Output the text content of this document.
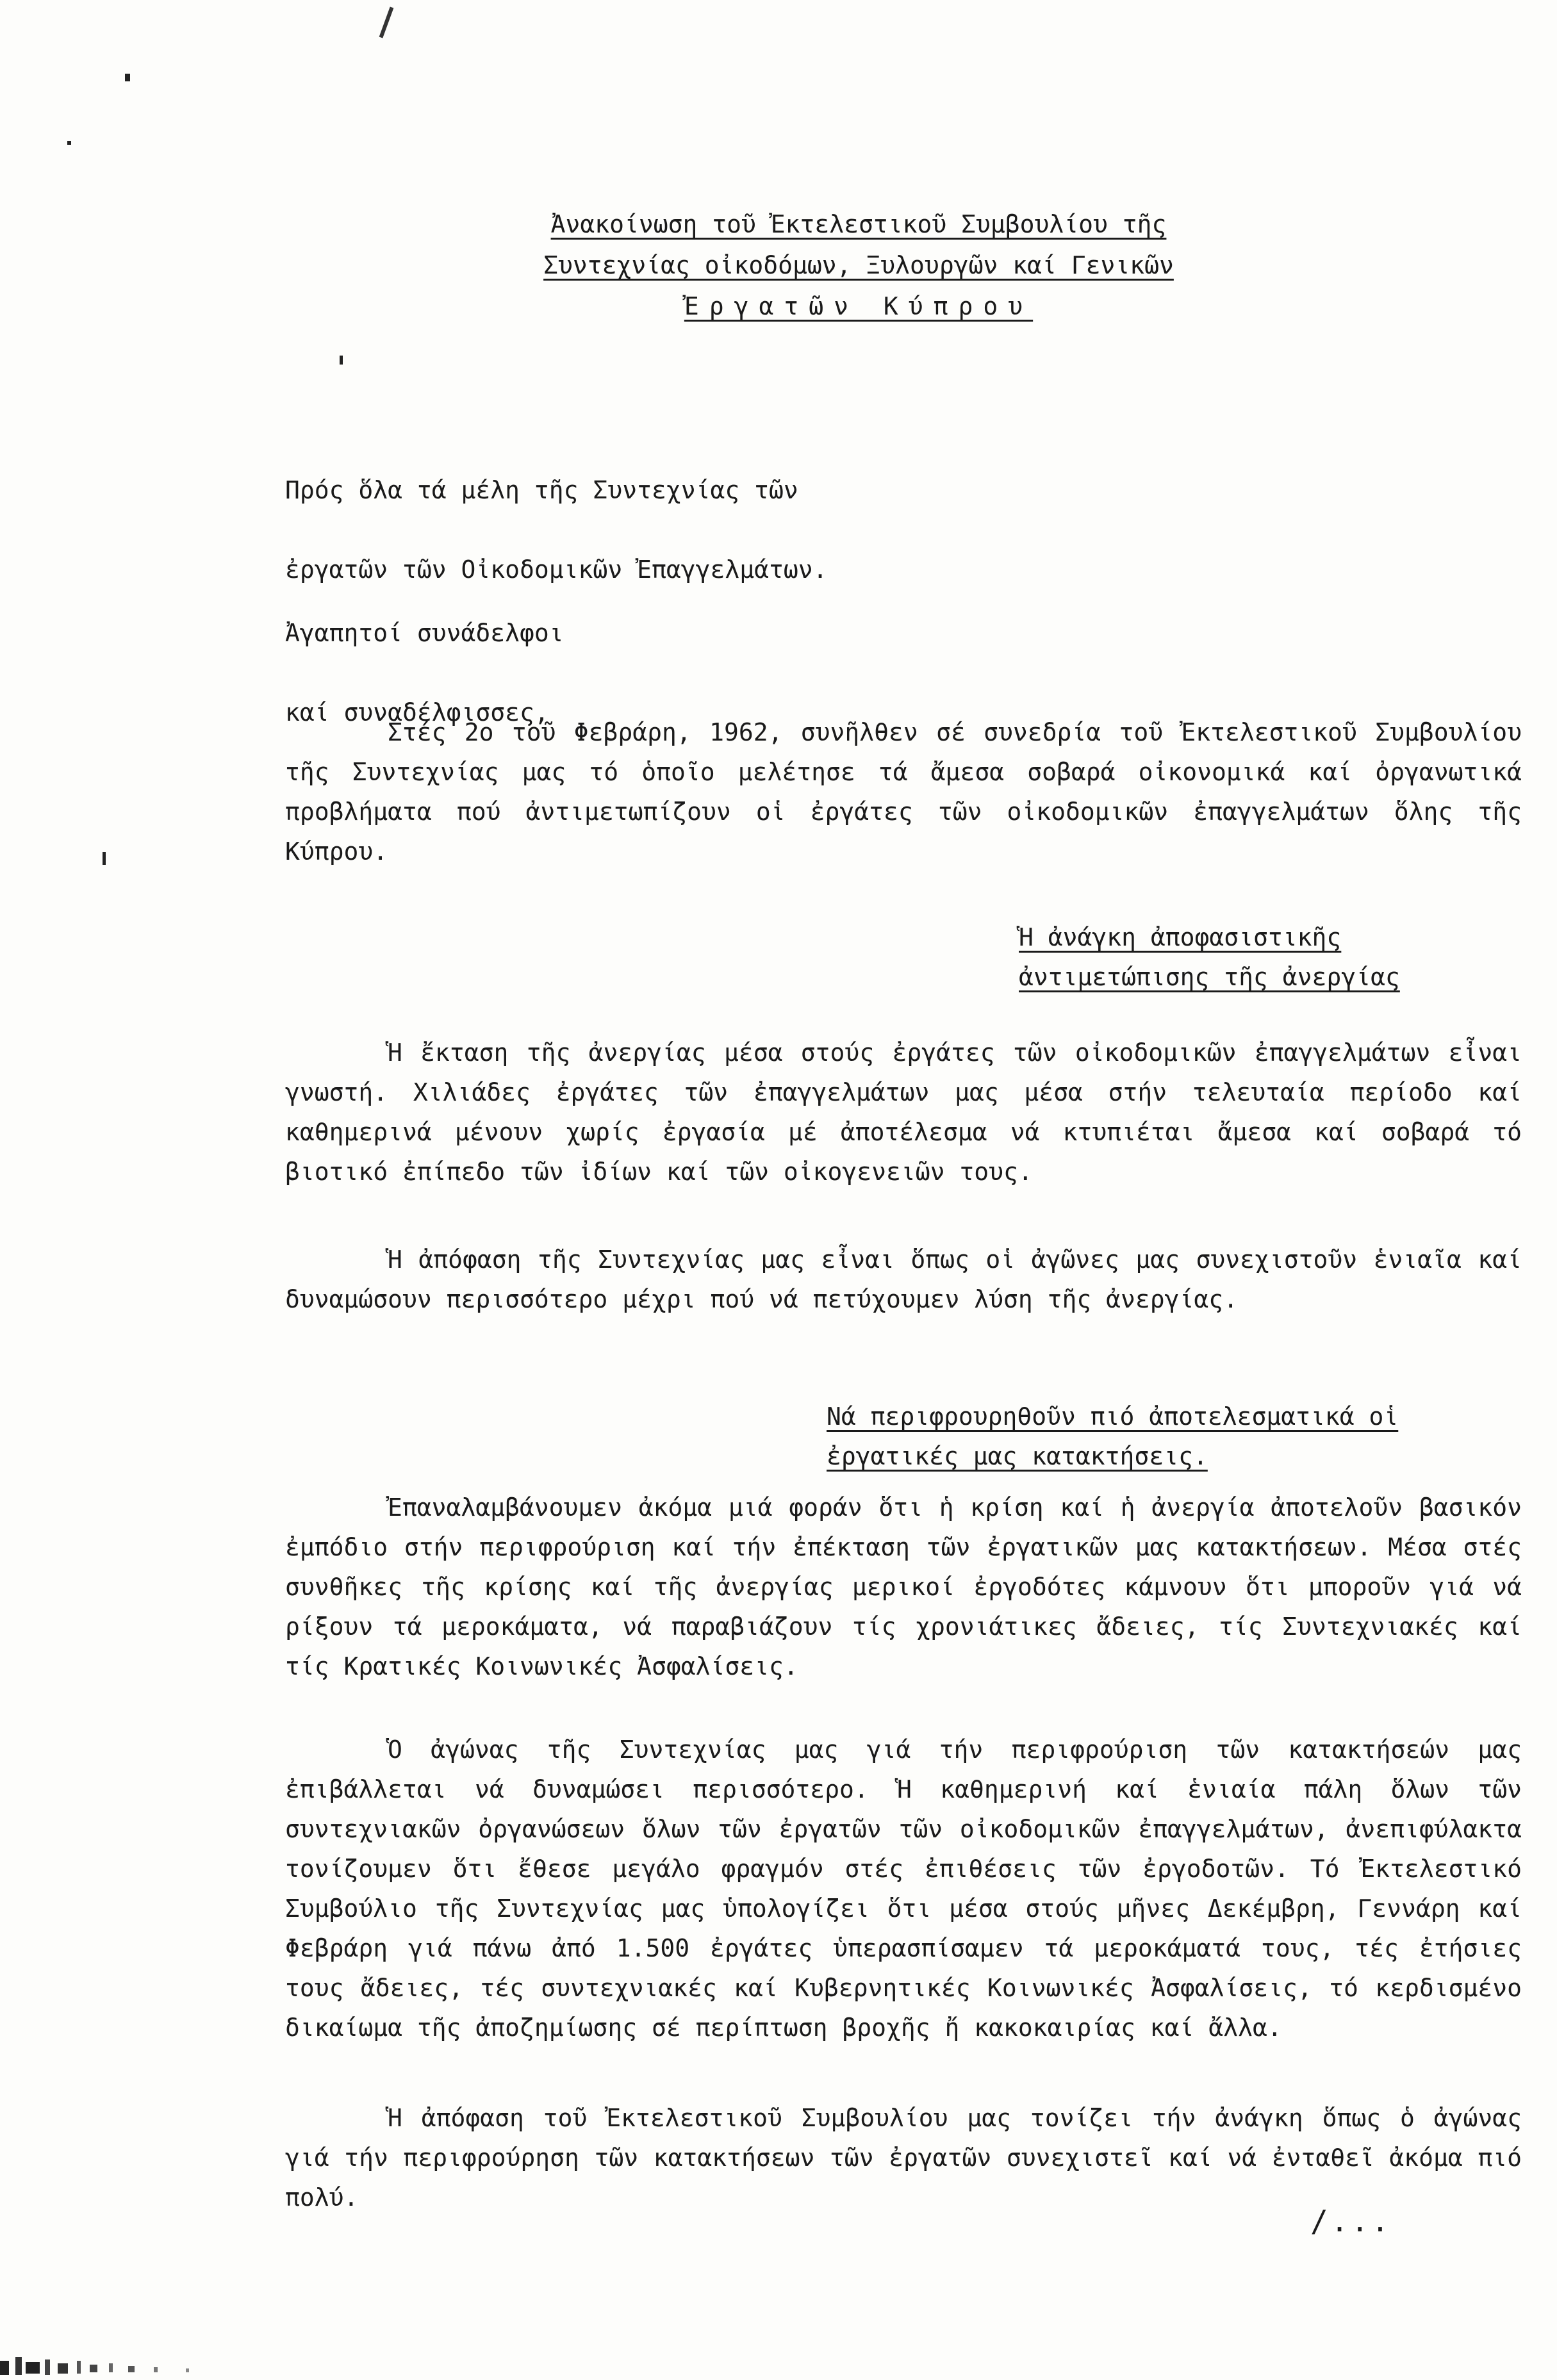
Ἀνακοίνωση τοῦ Ἐκτελεστικοῦ Συμβουλίου τῆς
Συντεχνίας οἰκοδόμων, Ξυλουργῶν καί Γενικῶν
Ἐργατῶν Κύπρου

Πρός ὅλα τά μέλη τῆς Συντεχνίας τῶν

ἐργατῶν τῶν Οἰκοδομικῶν Ἐπαγγελμάτων.

Ἀγαπητοί συνάδελφοι

καί συναδέλφισσες,

Στές 2ο τοῦ Φεβράρη, 1962, συνῆλθεν σέ συνεδρία τοῦ Ἐκτελεστικοῦ Συμβουλίου τῆς Συντεχνίας μας τό ὁποῖο μελέτησε τά ἄμεσα σοβαρά οἰκονομικά καί ὀργανωτικά προβλήματα πού ἀντιμετωπίζουν οἱ ἐργάτες τῶν οἰκοδομικῶν ἐπαγγελμάτων ὅλης τῆς Κύπρου.

Ἡ ἀνάγκη ἀποφασιστικῆς
ἀντιμετώπισης τῆς ἀνεργίας

Ἡ ἔκταση τῆς ἀνεργίας μέσα στούς ἐργάτες τῶν οἰκοδομικῶν ἐπαγγελμάτων εἶναι γνωστή. Χιλιάδες ἐργάτες τῶν ἐπαγγελμάτων μας μέσα στήν τελευταία περίοδο καί καθημερινά μένουν χωρίς ἐργασία μέ ἀποτέλεσμα νά κτυπιέται ἄμεσα καί σοβαρά τό βιοτικό ἐπίπεδο τῶν ἰδίων καί τῶν οἰκογενειῶν τους.

Ἡ ἀπόφαση τῆς Συντεχνίας μας εἶναι ὅπως οἱ ἀγῶνες μας συνεχιστοῦν ἑνιαῖα καί δυναμώσουν περισσότερο μέχρι πού νά πετύχουμεν λύση τῆς ἀνεργίας.

Νά περιφρουρηθοῦν πιό ἀποτελεσματικά οἱ
ἐργατικές μας κατακτήσεις.

Ἐπαναλαμβάνουμεν ἀκόμα μιά φοράν ὅτι ἡ κρίση καί ἡ ἀνεργία ἀποτελοῦν βασικόν ἐμπόδιο στήν περιφρούριση καί τήν ἐπέκταση τῶν ἐργατικῶν μας κατακτήσεων. Μέσα στές συνθῆκες τῆς κρίσης καί τῆς ἀνεργίας μερικοί ἐργοδότες κάμνουν ὅτι μποροῦν γιά νά ρίξουν τά μεροκάματα, νά παραβιάζουν τίς χρονιάτικες ἄδειες, τίς Συντεχνιακές καί τίς Κρατικές Κοινωνικές Ἀσφαλίσεις.

Ὁ ἀγώνας τῆς Συντεχνίας μας γιά τήν περιφρούριση τῶν κατακτήσεών μας ἐπιβάλλεται νά δυναμώσει περισσότερο. Ἡ καθημερινή καί ἑνιαία πάλη ὅλων τῶν συντεχνιακῶν ὀργανώσεων ὅλων τῶν ἐργατῶν τῶν οἰκοδομικῶν ἐπαγγελμάτων, ἀνεπιφύλακτα τονίζουμεν ὅτι ἔθεσε μεγάλο φραγμόν στές ἐπιθέσεις τῶν ἐργοδοτῶν. Τό Ἐκτελεστικό Συμβούλιο τῆς Συντεχνίας μας ὑπολογίζει ὅτι μέσα στούς μῆνες Δεκέμβρη, Γεννάρη καί Φεβράρη γιά πάνω ἀπό 1.500 ἐργάτες ὑπερασπίσαμεν τά μεροκάματά τους, τές ἐτήσιες τους ἄδειες, τές συντεχνιακές καί Κυβερνητικές Κοινωνικές Ἀσφαλίσεις, τό κερδισμένο δικαίωμα τῆς ἀποζημίωσης σέ περίπτωση βροχῆς ἤ κακοκαιρίας καί ἄλλα.

Ἡ ἀπόφαση τοῦ Ἐκτελεστικοῦ Συμβουλίου μας τονίζει τήν ἀνάγκη ὅπως ὁ ἀγώνας γιά τήν περιφρούρηση τῶν κατακτήσεων τῶν ἐργατῶν συνεχιστεῖ καί νά ἐνταθεῖ ἀκόμα πιό πολύ.

/...
